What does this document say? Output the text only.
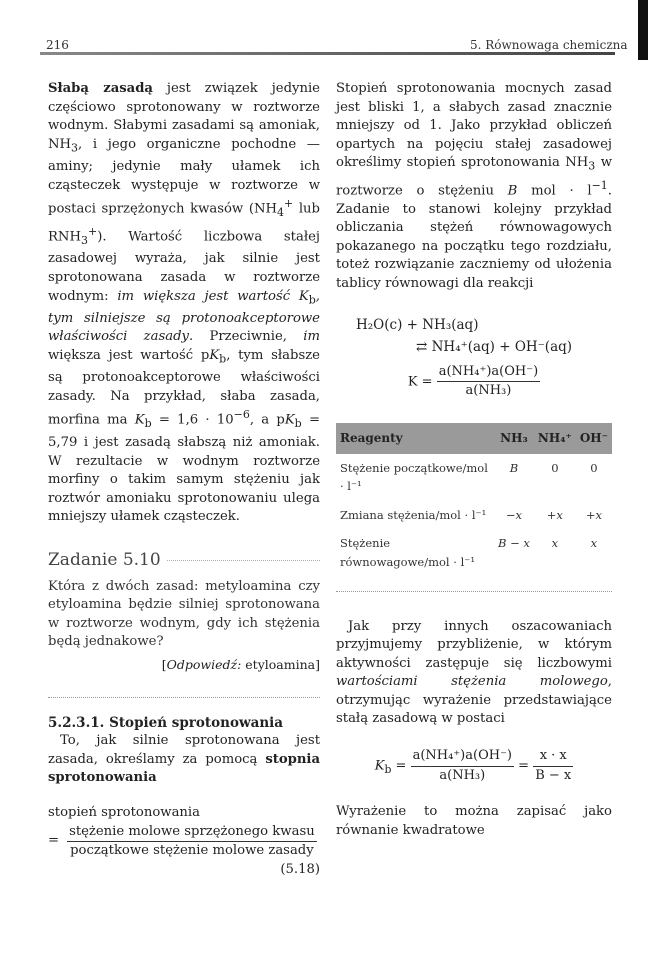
216	5. Równowaga chemiczna

Słabą zasadą jest związek jedynie częściowo sprotonowany w roztworze wodnym. Słabymi zasadami są amoniak, $NH_3$, i jego organiczne pochodne — aminy; jedynie mały ułamek ich cząsteczek występuje w roztworze w postaci sprzężonych kwasów ($NH_4^+$ lub $RNH_3^+$). Wartość liczbowa stałej zasadowej wyraża, jak silnie jest sprotonowana zasada w roztworze wodnym: im większa jest wartość $K_b$, tym silniejsze są protonoakceptorowe właściwości zasady. Przeciwnie, im większa jest wartość $pK_b$, tym słabsze są protonoakceptorowe właściwości zasady. Na przykład, słaba zasada, morfina ma $K_b = 1,6 \cdot 10^{-6}$, a $pK_b = 5,79$ i jest zasadą słabszą niż amoniak. W rezultacie w wodnym roztworze morfiny o takim samym stężeniu jak roztwór amoniaku sprotonowaniu ulega mniejszy ułamek cząsteczek.

Zadanie 5.10

Która z dwóch zasad: metyloamina czy etyloamina będzie silniej sprotonowana w roztworze wodnym, gdy ich stężenia będą jednakowe?

[Odpowiedź: etyloamina]
5.2.3.1. Stopień sprotonowania

To, jak silnie sprotonowana jest zasada, określamy za pomocą stopnia sprotonowania

stopień sprotonowania
= $\frac{\text{stężenie molowe sprzężonego kwasu}}{\text{początkowe stężenie molowe zasady}}$
(5.18)

Stopień sprotonowania mocnych zasad jest bliski 1, a słabych zasad znacznie mniejszy od 1. Jako przykład obliczeń opartych na pojęciu stałej zasadowej określimy stopień sprotonowania $NH_3$ w roztworze o stężeniu B mol · $l^{-1}$. Zadanie to stanowi kolejny przykład obliczania stężeń równowagowych pokazanego na początku tego rozdziału, toteż rozwiązanie zaczniemy od ułożenia tablicy równowagi dla reakcji

H₂O(c) + NH₃(aq)
⇄ NH₄⁺(aq) + OH⁻(aq)
$K = \frac{\text{a(NH₄⁺)a(OH⁻)}}{\text{a(NH₃)}}$
Reagenty	NH₃	NH₄⁺	OH⁻
Stężenie początkowe/mol · l⁻¹	B	0	0
Zmiana stężenia/mol · l⁻¹	−x	+x	+x
Stężenie równowagowe/mol · l⁻¹	B − x	x	x

Jak przy innych oszacowaniach przyjmujemy przybliżenie, w którym aktywności zastępuje się liczbowymi wartościami stężenia molowego, otrzymując wyrażenie przedstawiające stałą zasadową w postaci

$K_b = \frac{\text{a(NH₄⁺)a(OH⁻)}}{\text{a(NH₃)}} = \frac{x \cdot x}{B - x}$

Wyrażenie to można zapisać jako równanie kwadratowe
